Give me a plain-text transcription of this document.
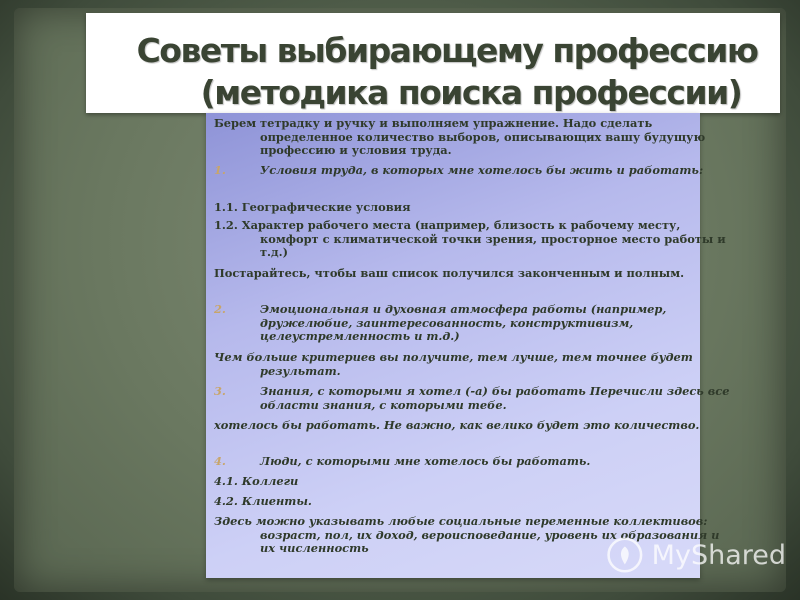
Советы выбирающему профессию
(методика поиска профессии)
Берем тетрадку и ручку и выполняем упражнение. Надо сделать определенное количество выборов, описывающих вашу будущую профессию и условия труда.
1.	Условия труда, в которых мне хотелось бы жить и работать:
1.1. Географические условия
1.2. Характер рабочего места (например, близость к рабочему месту, комфорт с климатической точки зрения, просторное место работы и т.д.)
Постарайтесь, чтобы ваш список получился законченным и полным.
2.	Эмоциональная и духовная атмосфера работы (например, дружелюбие, заинтересованность, конструктивизм, целеустремленность и т.д.)
Чем больше критериев вы получите, тем лучше, тем точнее будет результат.
3.	Знания, с которыми я хотел (-а) бы работать Перечисли здесь все области знания, с которыми тебе.
хотелось бы работать. Не важно, как велико будет это количество.
4.	Люди, с которыми мне хотелось бы работать.
4.1. Коллеги
4.2. Клиенты.
Здесь можно указывать любые социальные переменные коллективов: возраст, пол, их доход, вероисповедание, уровень их образования и их численность	MyShared
